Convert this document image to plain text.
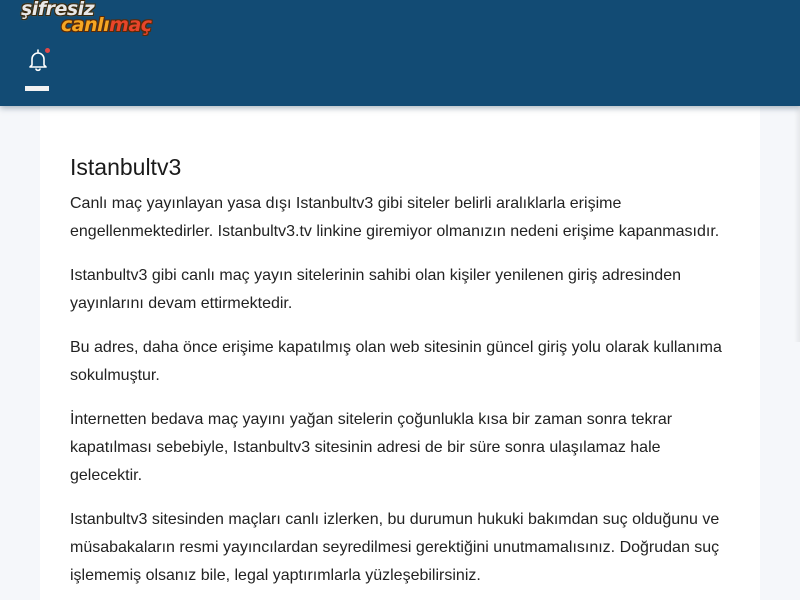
şifresiz
canlımaç
Istanbultv3

Canlı maç yayınlayan yasa dışı Istanbultv3 gibi siteler belirli aralıklarla erişime engellenmektedirler. Istanbultv3.tv linkine giremiyor olmanızın nedeni erişime kapanmasıdır.

Istanbultv3 gibi canlı maç yayın sitelerinin sahibi olan kişiler yenilenen giriş adresinden yayınlarını devam ettirmektedir.

Bu adres, daha önce erişime kapatılmış olan web sitesinin güncel giriş yolu olarak kullanıma sokulmuştur.

İnternetten bedava maç yayını yağan sitelerin çoğunlukla kısa bir zaman sonra tekrar kapatılması sebebiyle, Istanbultv3 sitesinin adresi de bir süre sonra ulaşılamaz hale gelecektir.

Istanbultv3 sitesinden maçları canlı izlerken, bu durumun hukuki bakımdan suç olduğunu ve müsabakaların resmi yayıncılardan seyredilmesi gerektiğini unutmamalısınız. Doğrudan suç işlememiş olsanız bile, legal yaptırımlarla yüzleşebilirsiniz.
